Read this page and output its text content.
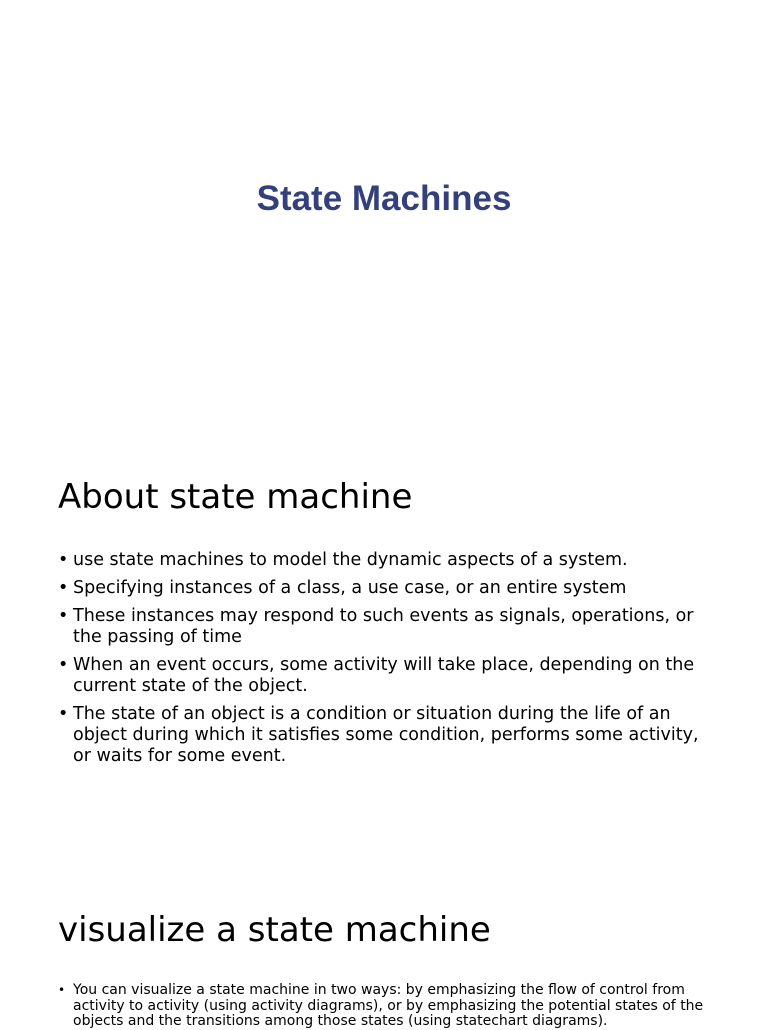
State Machines
About state machine
• use state machines to model the dynamic aspects of a system.
• Specifying instances of a class, a use case, or an entire system
• These instances may respond to such events as signals, operations, or the passing of time
• When an event occurs, some activity will take place, depending on the current state of the object.
• The state of an object is a condition or situation during the life of an object during which it satisfies some condition, performs some activity, or waits for some event.
visualize a state machine
• You can visualize a state machine in two ways: by emphasizing the flow of control from activity to activity (using activity diagrams), or by emphasizing the potential states of the objects and the transitions among those states (using statechart diagrams).
